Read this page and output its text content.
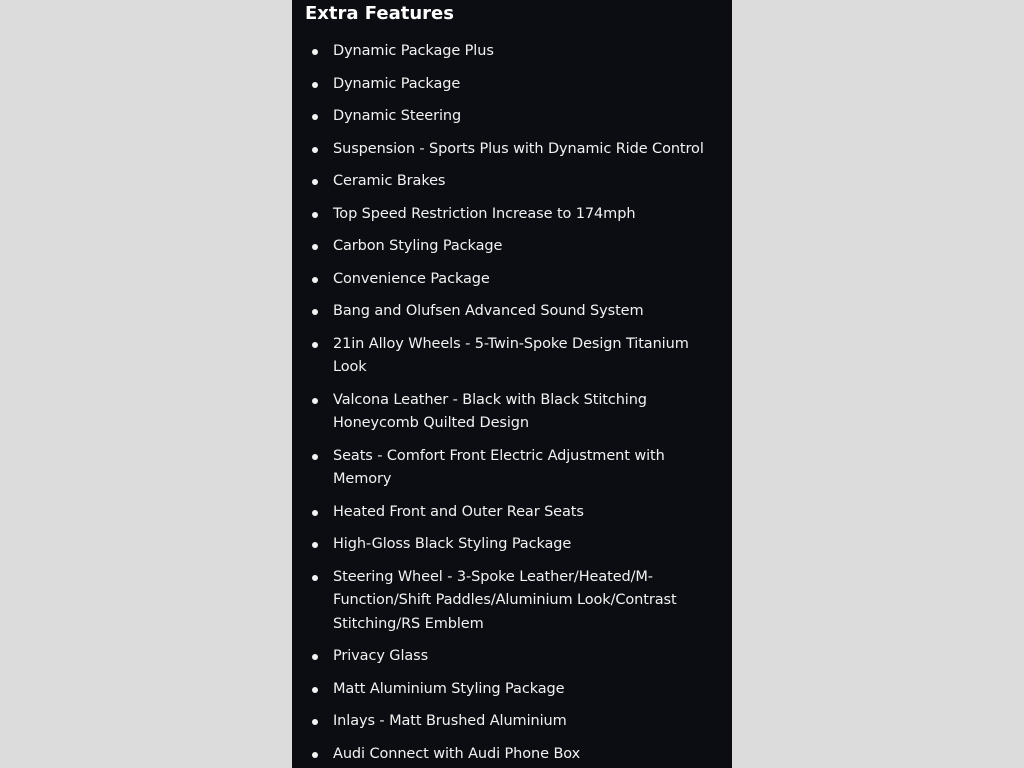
Extra Features
Dynamic Package Plus
Dynamic Package
Dynamic Steering
Suspension - Sports Plus with Dynamic Ride Control
Ceramic Brakes
Top Speed Restriction Increase to 174mph
Carbon Styling Package
Convenience Package
Bang and Olufsen Advanced Sound System
21in Alloy Wheels - 5-Twin-Spoke Design Titanium Look
Valcona Leather - Black with Black Stitching Honeycomb Quilted Design
Seats - Comfort Front Electric Adjustment with Memory
Heated Front and Outer Rear Seats
High-Gloss Black Styling Package
Steering Wheel - 3-Spoke Leather/Heated/M-Function/Shift Paddles/Aluminium Look/Contrast Stitching/RS Emblem
Privacy Glass
Matt Aluminium Styling Package
Inlays - Matt Brushed Aluminium
Audi Connect with Audi Phone Box
